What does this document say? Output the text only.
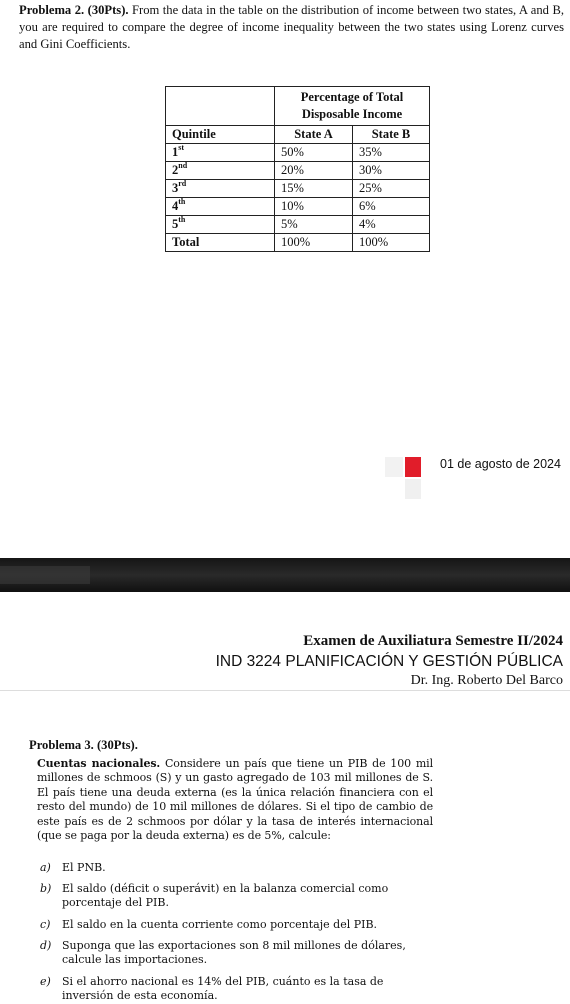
Problema 2. (30Pts). From the data in the table on the distribution of income between two states, A and B, you are required to compare the degree of income inequality between the two states using Lorenz curves and Gini Coefficients.
	Percentage of Total
Disposable Income	
Quintile	State A	State B
1st	50%	35%
2nd	20%	30%
3rd	15%	25%
4th	10%	6%
5th	5%	4%
Total	100%	100%
01 de agosto de 2024
Examen de Auxiliatura Semestre II/2024
IND 3224 PLANIFICACIÓN Y GESTIÓN PÚBLICA
Dr. Ing. Roberto Del Barco
Problema 3. (30Pts).
Cuentas nacionales. Considere un país que tiene un PIB de 100 mil millones de schmoos (S) y un gasto agregado de 103 mil millones de S. El país tiene una deuda externa (es la única relación financiera con el resto del mundo) de 10 mil millones de dólares. Si el tipo de cambio de este país es de 2 schmoos por dólar y la tasa de interés internacional (que se paga por la deuda externa) es de 5%, calcule:
a) El PNB.
b) El saldo (déficit o superávit) en la balanza comercial como porcentaje del PIB.
c) El saldo en la cuenta corriente como porcentaje del PIB.
d) Suponga que las exportaciones son 8 mil millones de dólares, calcule las importaciones.
e) Si el ahorro nacional es 14% del PIB, cuánto es la tasa de inversión de esta economía.
